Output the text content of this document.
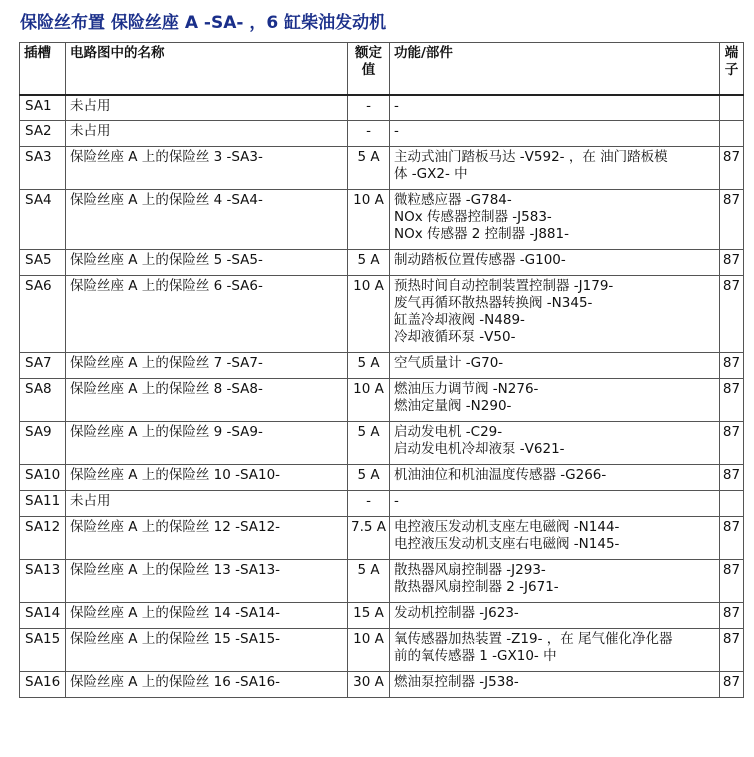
保险丝布置 保险丝座 A -SA- ，6 缸柴油发动机
插槽	电路图中的名称	额定
值	功能/部件	端
子
SA1	未占用	-	-	

SA2	未占用	-	-	

SA3	保险丝座 A 上的保险丝 3 -SA3-	5 A	主动式油门踏板马达 -V592- ，在 油门踏板模
体 -GX2- 中	87
SA4	保险丝座 A 上的保险丝 4 -SA4-	10 A	微粒感应器 -G784-
NOx 传感器控制器 -J583-
NOx 传感器 2 控制器 -J881-	87
SA5	保险丝座 A 上的保险丝 5 -SA5-	5 A	制动踏板位置传感器 -G100-	87
SA6	保险丝座 A 上的保险丝 6 -SA6-	10 A	预热时间自动控制装置控制器 -J179-
废气再循环散热器转换阀 -N345-
缸盖冷却液阀 -N489-
冷却液循环泵 -V50-	87
SA7	保险丝座 A 上的保险丝 7 -SA7-	5 A	空气质量计 -G70-	87
SA8	保险丝座 A 上的保险丝 8 -SA8-	10 A	燃油压力调节阀 -N276-
燃油定量阀 -N290-	87
SA9	保险丝座 A 上的保险丝 9 -SA9-	5 A	启动发电机 -C29-
启动发电机冷却液泵 -V621-	87
SA10	保险丝座 A 上的保险丝 10 -SA10-	5 A	机油油位和机油温度传感器 -G266-	87
SA11	未占用	-	-	

SA12	保险丝座 A 上的保险丝 12 -SA12-	7.5 A	电控液压发动机支座左电磁阀 -N144-
电控液压发动机支座右电磁阀 -N145-	87
SA13	保险丝座 A 上的保险丝 13 -SA13-	5 A	散热器风扇控制器 -J293-
散热器风扇控制器 2 -J671-	87
SA14	保险丝座 A 上的保险丝 14 -SA14-	15 A	发动机控制器 -J623-	87
SA15	保险丝座 A 上的保险丝 15 -SA15-	10 A	氧传感器加热装置 -Z19- ，在 尾气催化净化器
前的氧传感器 1 -GX10- 中	87
SA16	保险丝座 A 上的保险丝 16 -SA16-	30 A	燃油泵控制器 -J538-	87
